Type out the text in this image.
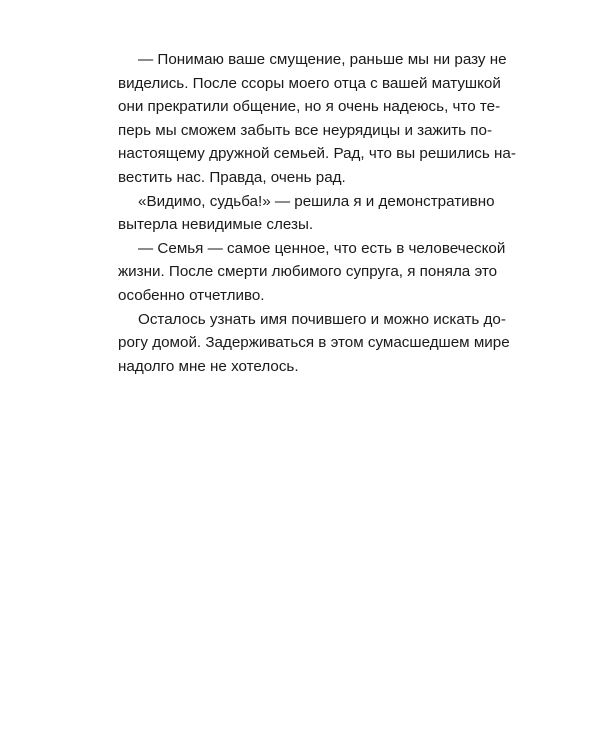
— Понимаю ваше смущение, раньше мы ни разу не
виделись. После ссоры моего отца с вашей матушкой
они прекратили общение, но я очень надеюсь, что те-
перь мы сможем забыть все неурядицы и зажить по-
настоящему дружной семьей. Рад, что вы решились на-
вестить нас. Правда, очень рад.
«Видимо, судьба!» — решила я и демонстративно
вытерла невидимые слезы.
— Семья — самое ценное, что есть в человеческой
жизни. После смерти любимого супруга, я поняла это
особенно отчетливо.
Осталось узнать имя почившего и можно искать до-
рогу домой. Задерживаться в этом сумасшедшем мире
надолго мне не хотелось.
